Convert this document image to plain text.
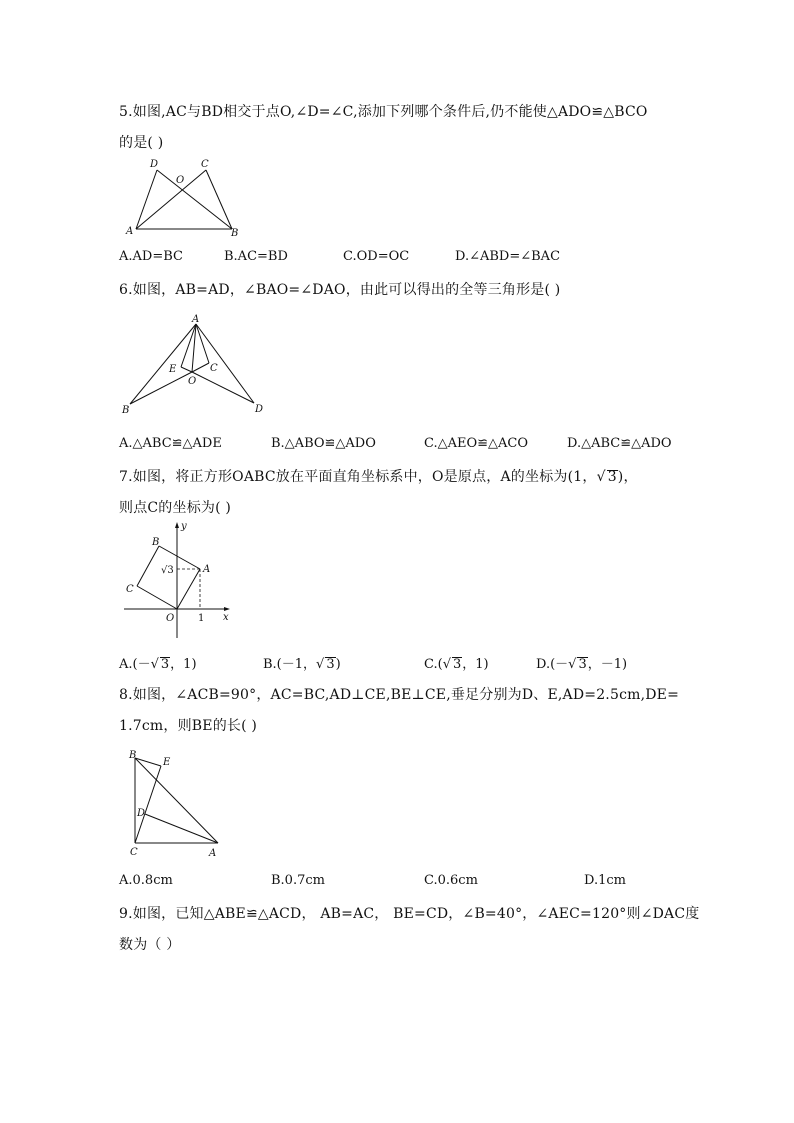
5.如图,AC与BD相交于点O,∠D=∠C,添加下列哪个条件后,仍不能使△ADO≌△BCO
的是( )
D	C
O
A	B
A.AD=BC	B.AC=BD	C.OD=OC	D.∠ABD=∠BAC
6.如图，AB=AD，∠BAO=∠DAO，由此可以得出的全等三角形是( )
A
E	C
O
B	D
A.△ABC≌△ADE	B.△ABO≌△ADO	C.△AEO≌△ACO	D.△ABC≌△ADO
7.如图，将正方形OABC放在平面直角坐标系中，O是原点，A的坐标为(1，√ 3)，
则点C的坐标为( )
y
B
A
C
O 1 x
√3
A.(－√ 3，1)	B.(－1，√ 3)	C.(√ 3，1)	D.(－√ 3，－1)
8.如图，∠ACB=90°，AC=BC,AD⊥CE,BE⊥CE,垂足分别为D、E,AD=2.5cm,DE=
1.7cm，则BE的长( )
B
E
D
C	A
A.0.8cm	B.0.7cm	C.0.6cm	D.1cm
9.如图，已知△ABE≌△ACD， AB=AC， BE=CD，∠B=40°，∠AEC=120°则∠DAC度
数为（ ）
